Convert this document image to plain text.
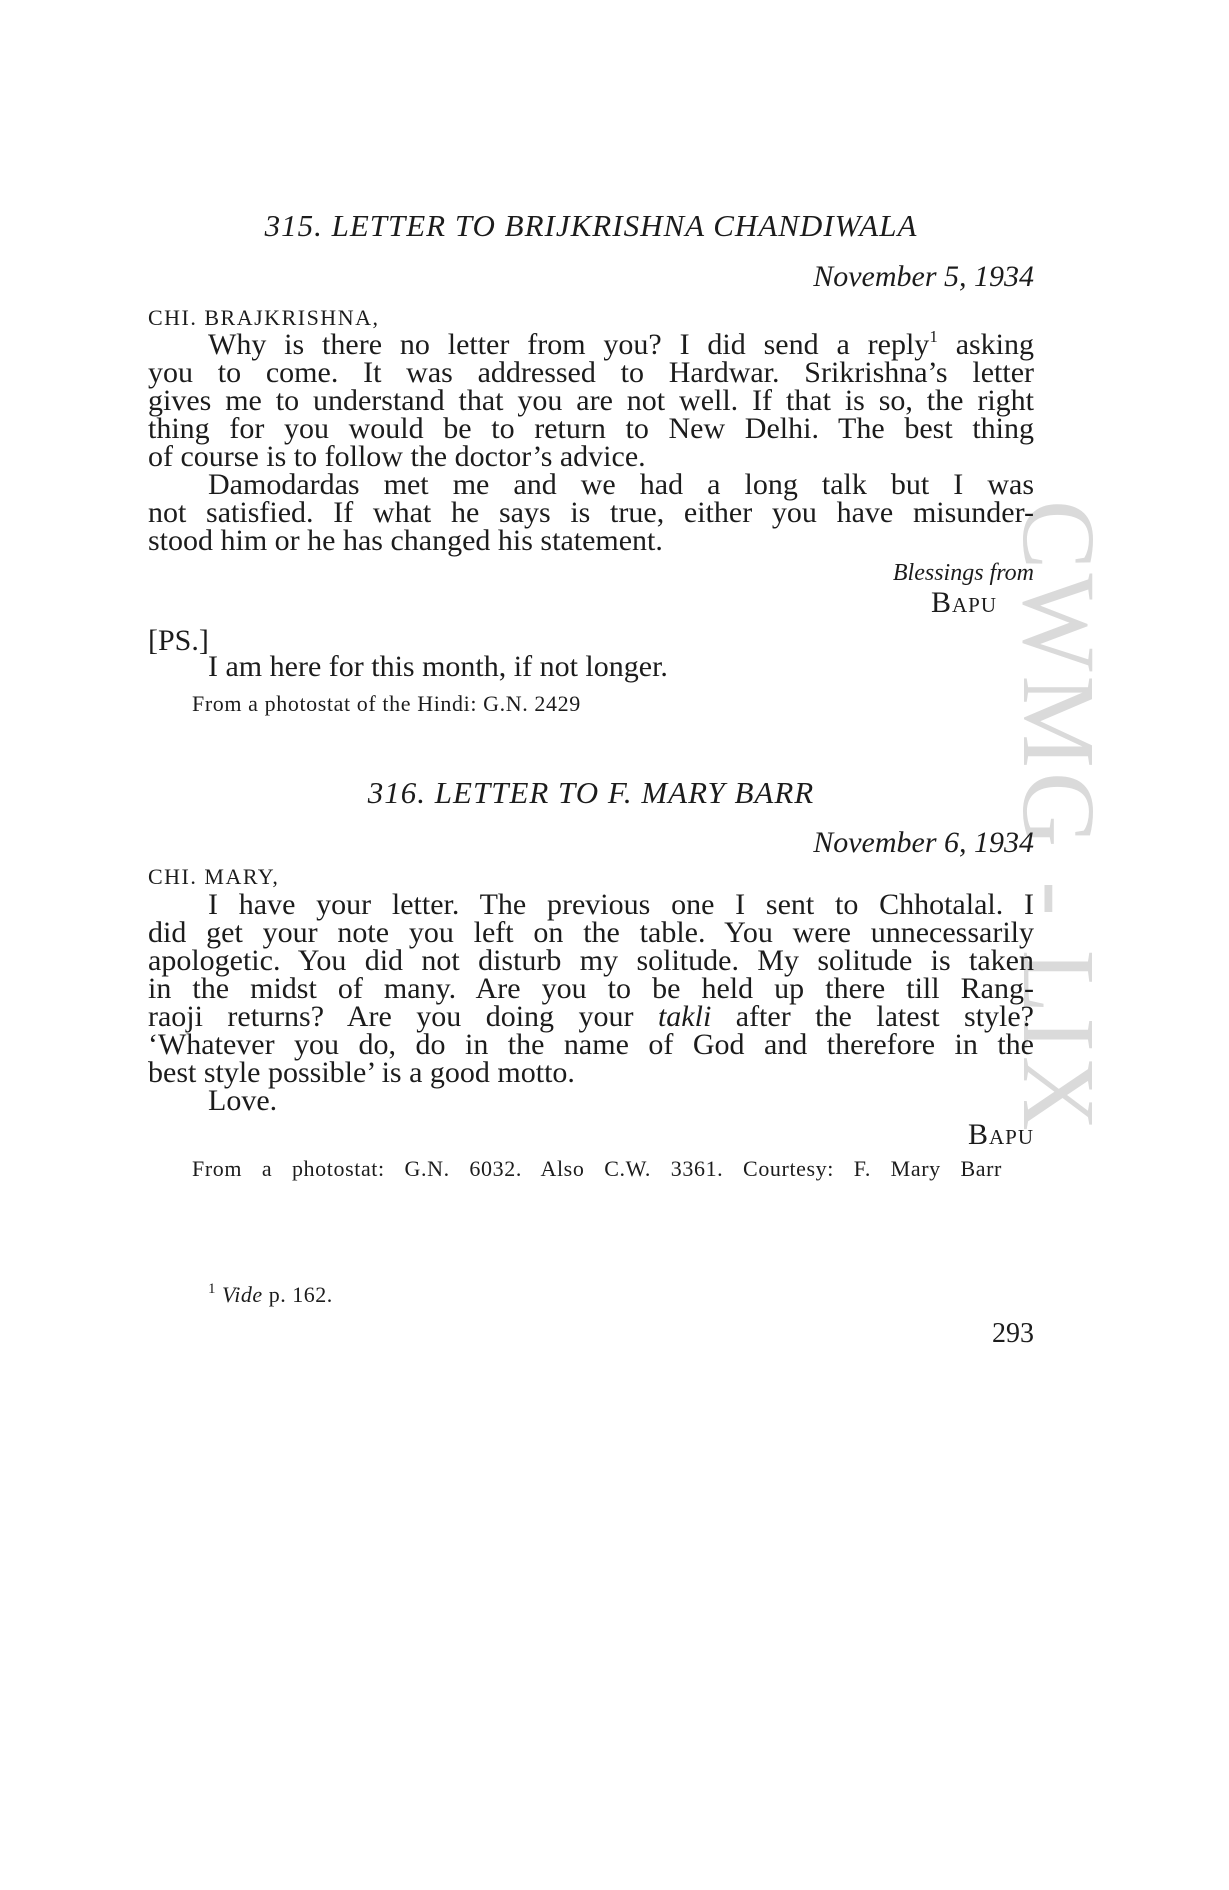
CWMG - LIX
315. LETTER TO BRIJKRISHNA CHANDIWALA
November 5, 1934
CHI. BRAJKRISHNA,
Why is there no letter from you? I did send a reply$^1$ asking
you to come. It was addressed to Hardwar. Srikrishna’s letter
gives me to understand that you are not well. If that is so, the right
thing for you would be to return to New Delhi. The best thing
of course is to follow the doctor’s advice.
Damodardas met me and we had a long talk but I was
not satisfied. If what he says is true, either you have misunder-
stood him or he has changed his statement.
Blessings from
Bapu
[PS.]
I am here for this month, if not longer.
From a photostat of the Hindi: G.N. 2429
316. LETTER TO F. MARY BARR
November 6, 1934
CHI. MARY,
I have your letter. The previous one I sent to Chhotalal. I
did get your note you left on the table. You were unnecessarily
apologetic. You did not disturb my solitude. My solitude is taken
in the midst of many. Are you to be held up there till Rang-
raoji returns? Are you doing your takli after the latest style?
‘Whatever you do, do in the name of God and therefore in the
best style possible’ is a good motto.
Love.
Bapu
From a photostat: G.N. 6032. Also C.W. 3361. Courtesy: F. Mary Barr
$^1$ Vide p. 162.
293
